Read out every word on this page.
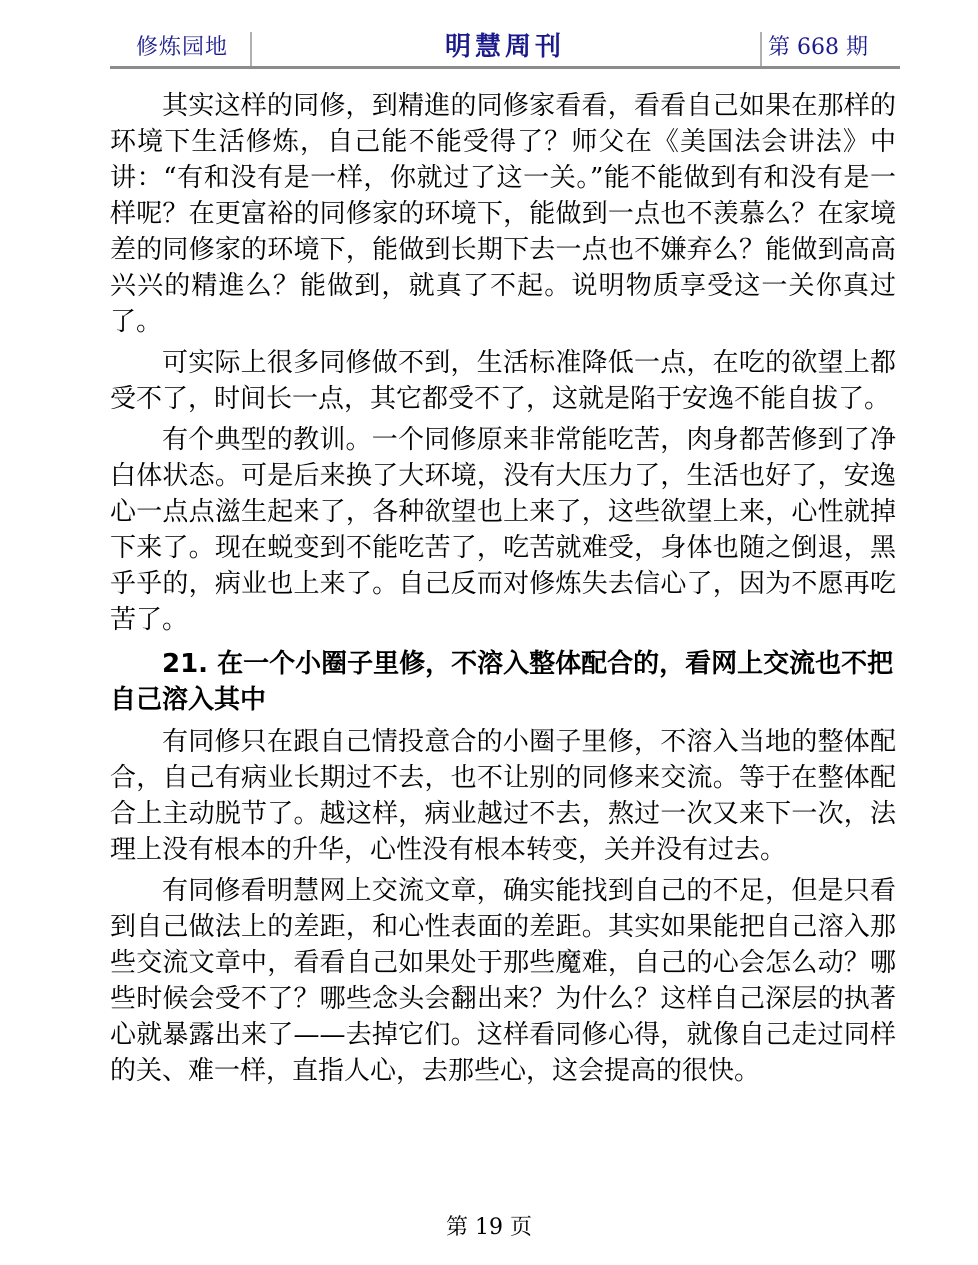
修炼园地	明慧周刊	第 668 期

其实这样的同修，到精進的同修家看看，看看自己如果在那样的环境下生活修炼，自己能不能受得了？师父在《美国法会讲法》中讲：“有和没有是一样，你就过了这一关。”能不能做到有和没有是一样呢？在更富裕的同修家的环境下，能做到一点也不羡慕么？在家境差的同修家的环境下，能做到长期下去一点也不嫌弃么？能做到高高兴兴的精進么？能做到，就真了不起。说明物质享受这一关你真过了。

可实际上很多同修做不到，生活标准降低一点，在吃的欲望上都受不了，时间长一点，其它都受不了，这就是陷于安逸不能自拔了。

有个典型的教训。一个同修原来非常能吃苦，肉身都苦修到了净白体状态。可是后来换了大环境，没有大压力了，生活也好了，安逸心一点点滋生起来了，各种欲望也上来了，这些欲望上来，心性就掉下来了。现在蜕变到不能吃苦了，吃苦就难受，身体也随之倒退，黑乎乎的，病业也上来了。自己反而对修炼失去信心了，因为不愿再吃苦了。

21. 在一个小圈子里修，不溶入整体配合的，看网上交流也不把自己溶入其中

有同修只在跟自己情投意合的小圈子里修，不溶入当地的整体配合，自己有病业长期过不去，也不让别的同修来交流。等于在整体配合上主动脱节了。越这样，病业越过不去，熬过一次又来下一次，法理上没有根本的升华，心性没有根本转变，关并没有过去。

有同修看明慧网上交流文章，确实能找到自己的不足，但是只看到自己做法上的差距，和心性表面的差距。其实如果能把自己溶入那些交流文章中，看看自己如果处于那些魔难，自己的心会怎么动？哪些时候会受不了？哪些念头会翻出来？为什么？这样自己深层的执著心就暴露出来了——去掉它们。这样看同修心得，就像自己走过同样的关、难一样，直指人心，去那些心，这会提高的很快。

第 19 页
